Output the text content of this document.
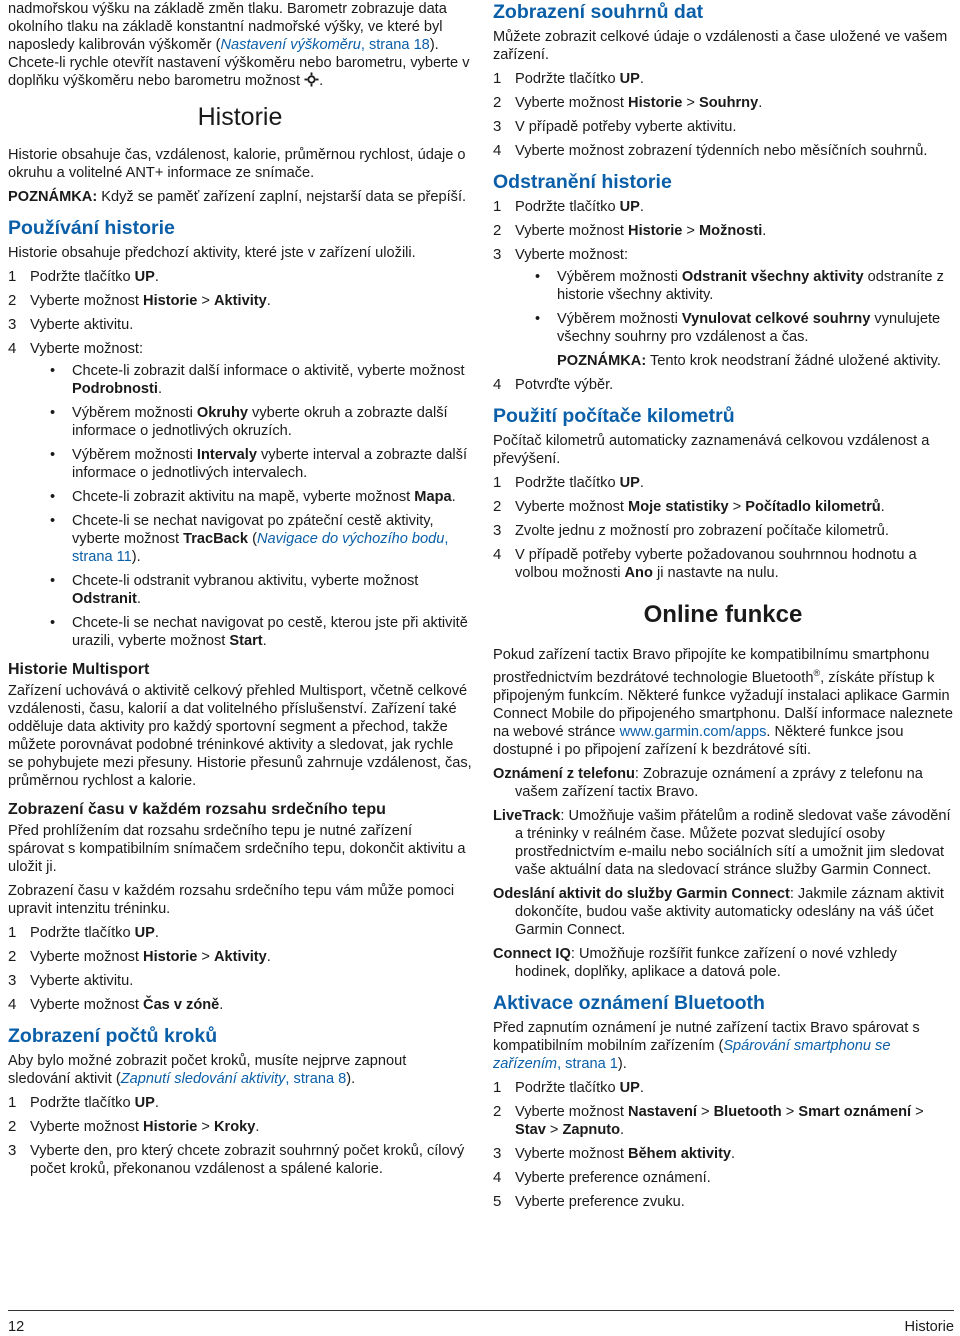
nadmořskou výšku na základě změn tlaku. Barometr zobrazuje data okolního tlaku na základě konstantní nadmořské výšky, ve které byl naposledy kalibrován výškoměr (Nastavení výškoměru, strana 18). Chcete-li rychle otevřít nastavení výškoměru nebo barometru, vyberte v doplňku výškoměru nebo barometru možnost .

Historie

Historie obsahuje čas, vzdálenost, kalorie, průměrnou rychlost, údaje o okruhu a volitelné ANT+ informace ze snímače.

POZNÁMKA: Když se paměť zařízení zaplní, nejstarší data se přepíší.

Používání historie

Historie obsahuje předchozí aktivity, které jste v zařízení uložili.

1 Podržte tlačítko UP.
2 Vyberte možnost Historie > Aktivity.
3 Vyberte aktivitu.
4 Vyberte možnost:
• Chcete-li zobrazit další informace o aktivitě, vyberte možnost Podrobnosti.
• Výběrem možnosti Okruhy vyberte okruh a zobrazte další informace o jednotlivých okruzích.
• Výběrem možnosti Intervaly vyberte interval a zobrazte další informace o jednotlivých intervalech.
• Chcete-li zobrazit aktivitu na mapě, vyberte možnost Mapa.
• Chcete-li se nechat navigovat po zpáteční cestě aktivity, vyberte možnost TracBack (Navigace do výchozího bodu, strana 11).
• Chcete-li odstranit vybranou aktivitu, vyberte možnost Odstranit.
• Chcete-li se nechat navigovat po cestě, kterou jste při aktivitě urazili, vyberte možnost Start.
Historie Multisport

Zařízení uchovává o aktivitě celkový přehled Multisport, včetně celkové vzdálenosti, času, kalorií a dat volitelného příslušenství. Zařízení také odděluje data aktivity pro každý sportovní segment a přechod, takže můžete porovnávat podobné tréninkové aktivity a sledovat, jak rychle se pohybujete mezi přesuny. Historie přesunů zahrnuje vzdálenost, čas, průměrnou rychlost a kalorie.

Zobrazení času v každém rozsahu srdečního tepu

Před prohlížením dat rozsahu srdečního tepu je nutné zařízení spárovat s kompatibilním snímačem srdečního tepu, dokončit aktivitu a uložit ji.

Zobrazení času v každém rozsahu srdečního tepu vám může pomoci upravit intenzitu tréninku.

1 Podržte tlačítko UP.
2 Vyberte možnost Historie > Aktivity.
3 Vyberte aktivitu.
4 Vyberte možnost Čas v zóně.
Zobrazení počtů kroků

Aby bylo možné zobrazit počet kroků, musíte nejprve zapnout sledování aktivit (Zapnutí sledování aktivity, strana 8).

1 Podržte tlačítko UP.
2 Vyberte možnost Historie > Kroky.
3 Vyberte den, pro který chcete zobrazit souhrnný počet kroků, cílový počet kroků, překonanou vzdálenost a spálené kalorie.
Zobrazení souhrnů dat

Můžete zobrazit celkové údaje o vzdálenosti a čase uložené ve vašem zařízení.

1 Podržte tlačítko UP.
2 Vyberte možnost Historie > Souhrny.
3 V případě potřeby vyberte aktivitu.
4 Vyberte možnost zobrazení týdenních nebo měsíčních souhrnů.
Odstranění historie
1 Podržte tlačítko UP.
2 Vyberte možnost Historie > Možnosti.
3 Vyberte možnost:
• Výběrem možnosti Odstranit všechny aktivity odstraníte z historie všechny aktivity.
• Výběrem možnosti Vynulovat celkové souhrny vynulujete všechny souhrny pro vzdálenost a čas.
POZNÁMKA: Tento krok neodstraní žádné uložené aktivity.
4 Potvrďte výběr.
Použití počítače kilometrů

Počítač kilometrů automaticky zaznamenává celkovou vzdálenost a převýšení.

1 Podržte tlačítko UP.
2 Vyberte možnost Moje statistiky > Počítadlo kilometrů.
3 Zvolte jednu z možností pro zobrazení počítače kilometrů.
4 V případě potřeby vyberte požadovanou souhrnnou hodnotu a volbou možnosti Ano ji nastavte na nulu.
Online funkce

Pokud zařízení tactix Bravo připojíte ke kompatibilnímu smartphonu prostřednictvím bezdrátové technologie Bluetooth®, získáte přístup k připojeným funkcím. Některé funkce vyžadují instalaci aplikace Garmin Connect Mobile do připojeného smartphonu. Další informace naleznete na webové stránce www.garmin.com/apps. Některé funkce jsou dostupné i po připojení zařízení k bezdrátové síti.

Oznámení z telefonu: Zobrazuje oznámení a zprávy z telefonu na vašem zařízení tactix Bravo.

LiveTrack: Umožňuje vašim přátelům a rodině sledovat vaše závodění a tréninky v reálném čase. Můžete pozvat sledující osoby prostřednictvím e-mailu nebo sociálních sítí a umožnit jim sledovat vaše aktuální data na sledovací stránce služby Garmin Connect.

Odeslání aktivit do služby Garmin Connect: Jakmile záznam aktivit dokončíte, budou vaše aktivity automaticky odeslány na váš účet Garmin Connect.

Connect IQ: Umožňuje rozšířit funkce zařízení o nové vzhledy hodinek, doplňky, aplikace a datová pole.

Aktivace oznámení Bluetooth

Před zapnutím oznámení je nutné zařízení tactix Bravo spárovat s kompatibilním mobilním zařízením (Spárování smartphonu se zařízením, strana 1).

1 Podržte tlačítko UP.
2 Vyberte možnost Nastavení > Bluetooth > Smart oznámení > Stav > Zapnuto.
3 Vyberte možnost Během aktivity.
4 Vyberte preference oznámení.
5 Vyberte preference zvuku.
12	Historie
